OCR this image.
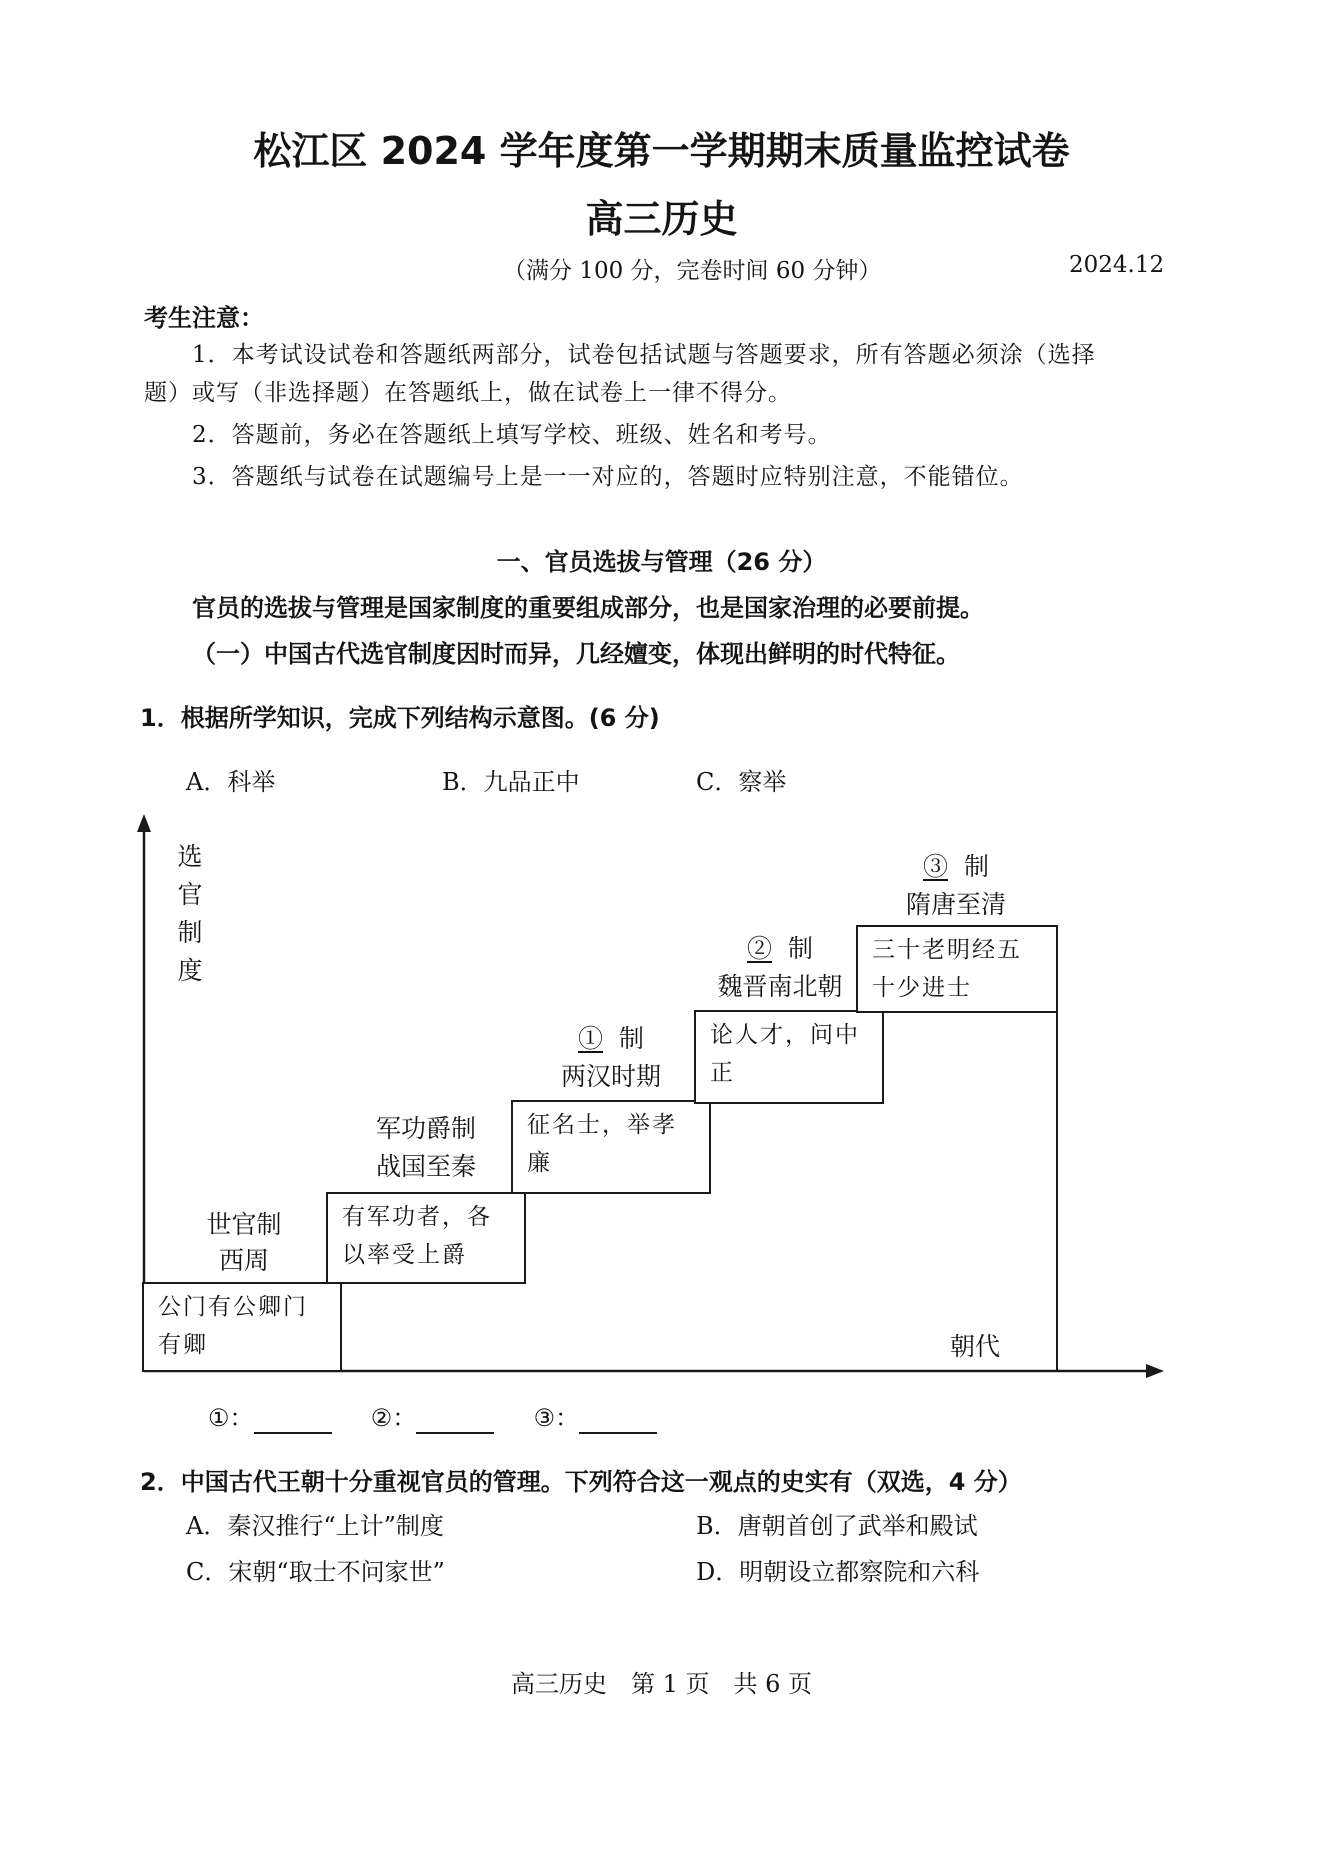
松江区 2024 学年度第一学期期末质量监控试卷
高三历史
（满分 100 分，完卷时间 60 分钟）	2024.12
考生注意：
1．本考试设试卷和答题纸两部分，试卷包括试题与答题要求，所有答题必须涂（选择
题）或写（非选择题）在答题纸上，做在试卷上一律不得分。
2．答题前，务必在答题纸上填写学校、班级、姓名和考号。
3．答题纸与试卷在试题编号上是一一对应的，答题时应特别注意，不能错位。
一、官员选拔与管理（26 分）
官员的选拔与管理是国家制度的重要组成部分，也是国家治理的必要前提。
（一）中国古代选官制度因时而异，几经嬗变，体现出鲜明的时代特征。
1．根据所学知识，完成下列结构示意图。(6 分)
A．科举	B．九品正中	C．察举
选
官
制
度
公门有公卿门有卿
世官制
西周
有军功者，各以率受上爵
军功爵制
战国至秦
征名士，举孝廉
① 制
两汉时期
论人才，问中正
② 制
魏晋南北朝
三十老明经五十少进士
③ 制
隋唐至清
朝代
①：	②：	③：
2．中国古代王朝十分重视官员的管理。下列符合这一观点的史实有（双选，4 分）
A．秦汉推行“上计”制度	B．唐朝首创了武举和殿试
C．宋朝“取士不问家世”	D．明朝设立都察院和六科
高三历史　第 1 页　共 6 页
